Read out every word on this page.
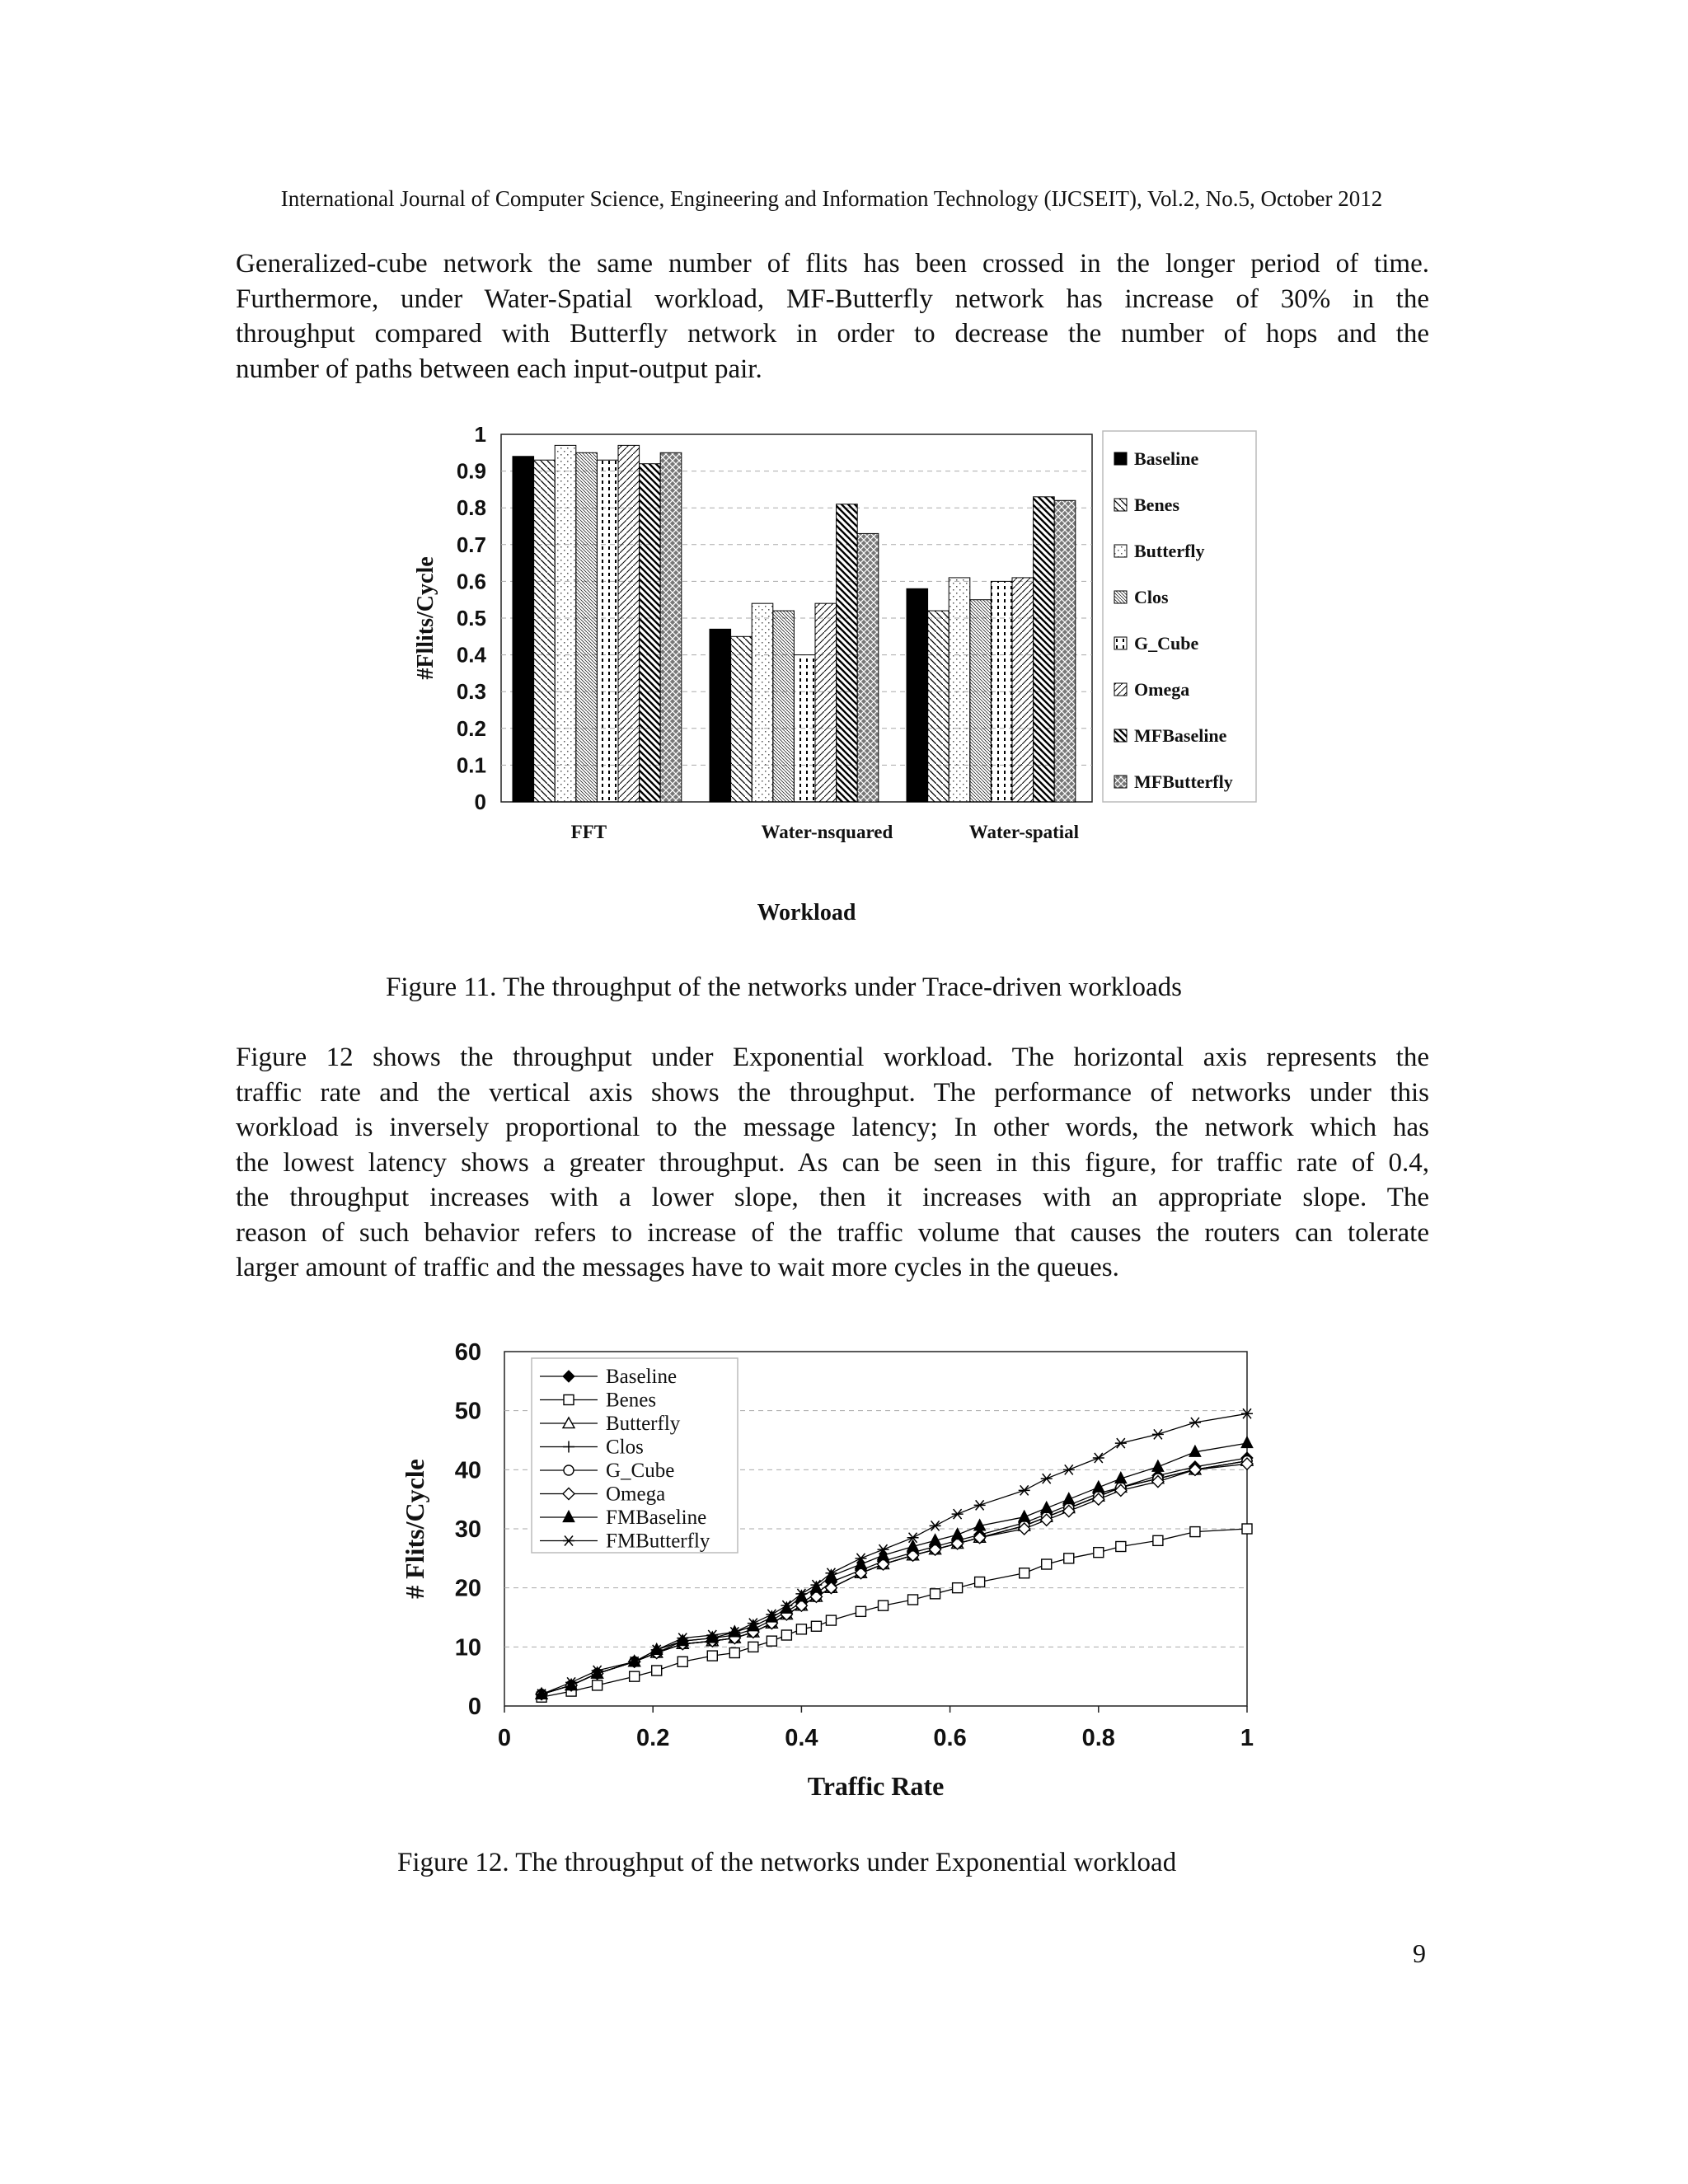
International Journal of Computer Science, Engineering and Information Technology (IJCSEIT), Vol.2, No.5, October 2012
Generalized-cube network the same number of flits has been crossed in the longer period of time.
Furthermore, under Water-Spatial workload, MF-Butterfly network has increase of 30% in the
throughput compared with Butterfly network in order to decrease the number of hops and the
number of paths between each input-output pair.
0
0.1
0.2
0.3
0.4
0.5
0.6
0.7
0.8
0.9
1
FFT	Water-nsquared	Water-spatial
#Fllits/Cycle
Workload
Baseline
Benes
Butterfly
Clos
G_Cube
Omega
MFBaseline
MFButterfly
Figure 11. The throughput of the networks under Trace-driven workloads
Figure 12 shows the throughput under Exponential workload. The horizontal axis represents the
traffic rate and the vertical axis shows the throughput. The performance of networks under this
workload is inversely proportional to the message latency; In other words, the network which has
the lowest latency shows a greater throughput. As can be seen in this figure, for traffic rate of 0.4,
the throughput increases with a lower slope, then it increases with an appropriate slope. The
reason of such behavior refers to increase of the traffic volume that causes the routers can tolerate
larger amount of traffic and the messages have to wait more cycles in the queues.
0
10
20
30
40
50
60
0	0.2	0.4	0.6	0.8	1
# Flits/Cycle
Traffic Rate
Baseline
Benes
Butterfly
Clos
G_Cube
Omega
FMBaseline
FMButterfly
Figure 12. The throughput of the networks under Exponential workload
9
